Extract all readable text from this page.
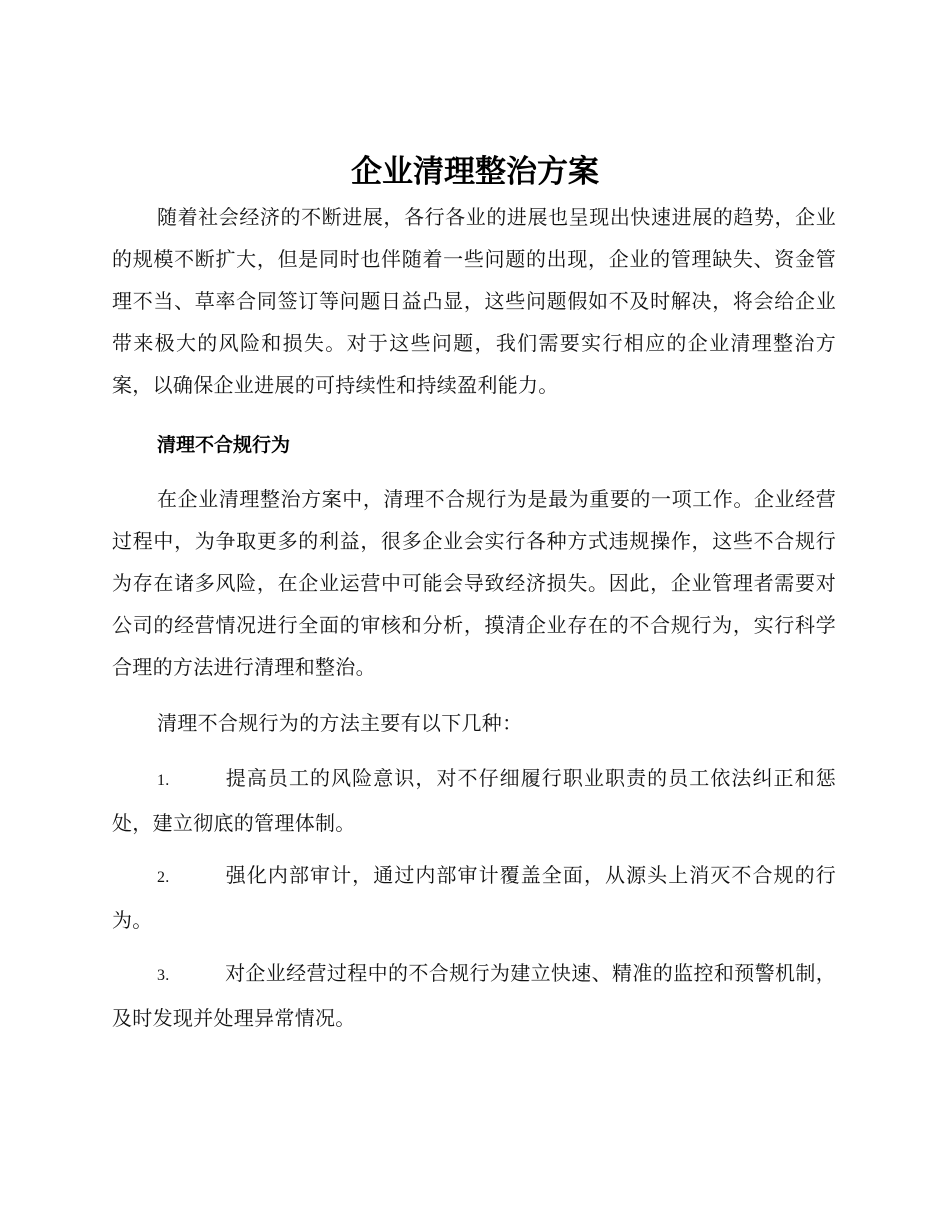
企业清理整治方案

随着社会经济的不断进展，各行各业的进展也呈现出快速进展的趋势，企业的规模不断扩大，但是同时也伴随着一些问题的出现，企业的管理缺失、资金管理不当、草率合同签订等问题日益凸显，这些问题假如不及时解决，将会给企业带来极大的风险和损失。对于这些问题，我们需要实行相应的企业清理整治方案，以确保企业进展的可持续性和持续盈利能力。

清理不合规行为

在企业清理整治方案中，清理不合规行为是最为重要的一项工作。企业经营过程中，为争取更多的利益，很多企业会实行各种方式违规操作，这些不合规行为存在诸多风险，在企业运营中可能会导致经济损失。因此，企业管理者需要对公司的经营情况进行全面的审核和分析，摸清企业存在的不合规行为，实行科学合理的方法进行清理和整治。

清理不合规行为的方法主要有以下几种：

1.	提高员工的风险意识，对不仔细履行职业职责的员工依法纠正和惩处，建立彻底的管理体制。

2.	强化内部审计，通过内部审计覆盖全面，从源头上消灭不合规的行为。

3.	对企业经营过程中的不合规行为建立快速、精准的监控和预警机制，及时发现并处理异常情况。
